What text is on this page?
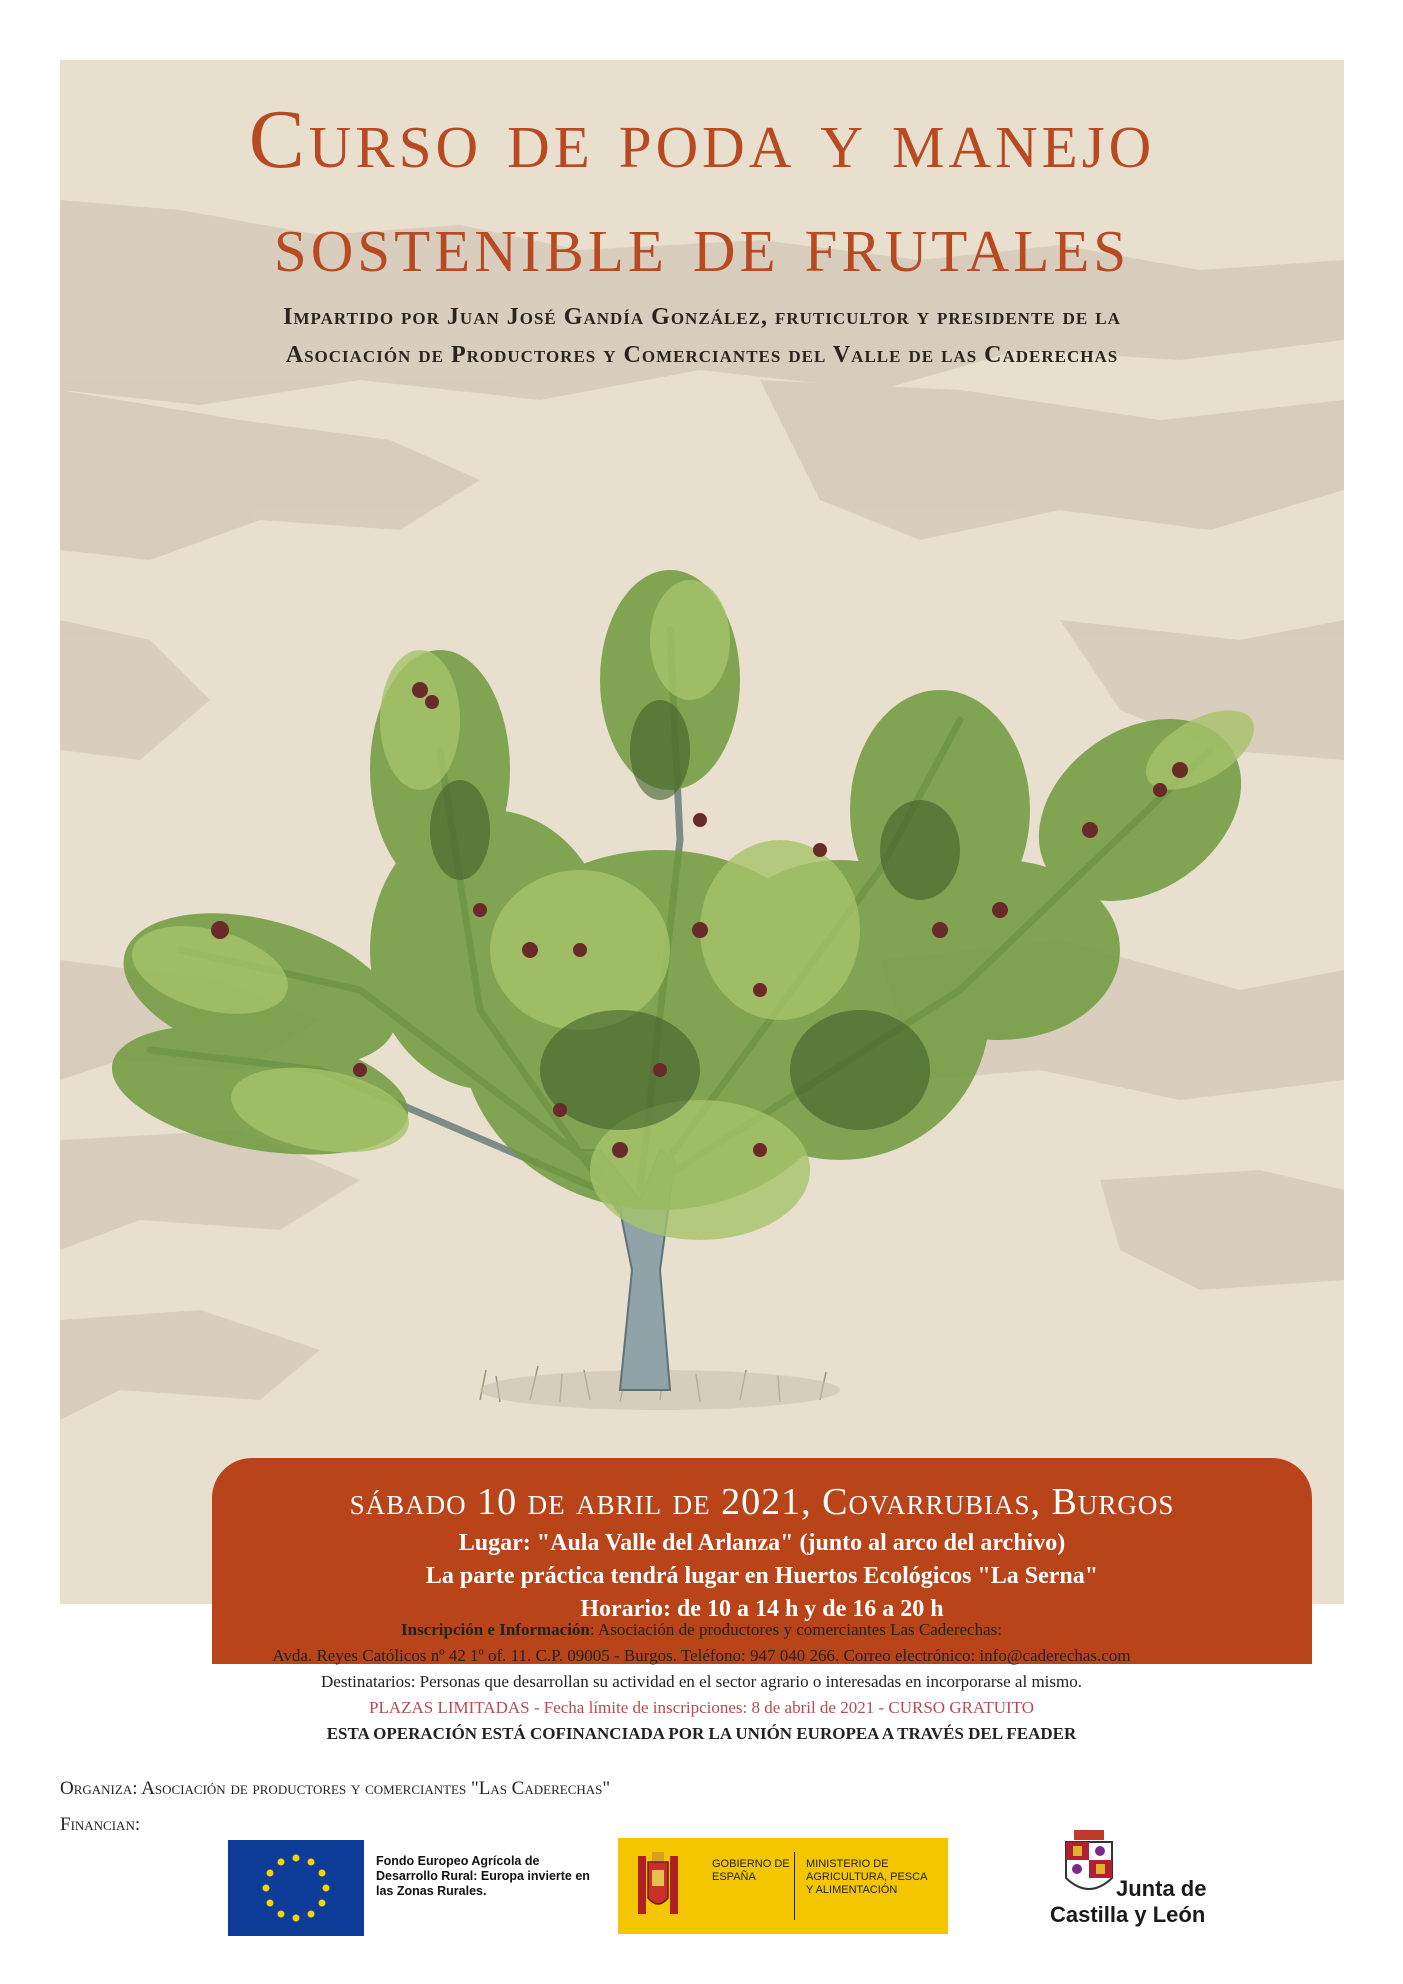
Curso de poda y manejo
sostenible de frutales
Impartido por Juan José Gandía González, fruticultor y presidente de la
Asociación de Productores y Comerciantes del Valle de las Caderechas
sábado 10 de abril de 2021, Covarrubias, Burgos
Lugar: "Aula Valle del Arlanza" (junto al arco del archivo)
La parte práctica tendrá lugar en Huertos Ecológicos "La Serna"
Horario: de 10 a 14 h y de 16 a 20 h
Inscripción e Información: Asociación de productores y comerciantes Las Caderechas:
Avda. Reyes Católicos nº 42 1º of. 11. C.P. 09005 - Burgos. Teléfono: 947 040 266. Correo electrónico: info@caderechas.com
Destinatarios: Personas que desarrollan su actividad en el sector agrario o interesadas en incorporarse al mismo.
PLAZAS LIMITADAS - Fecha límite de inscripciones: 8 de abril de 2021 - CURSO GRATUITO
ESTA OPERACIÓN ESTÁ COFINANCIADA POR LA UNIÓN EUROPEA A TRAVÉS DEL FEADER
Organiza: Asociación de productores y comerciantes "Las Caderechas"
Financian:
Fondo Europeo Agrícola de Desarrollo Rural: Europa invierte en las Zonas Rurales.
GOBIERNO DE ESPAÑA
MINISTERIO DE AGRICULTURA, PESCA Y ALIMENTACIÓN	Junta de
Castilla y León
